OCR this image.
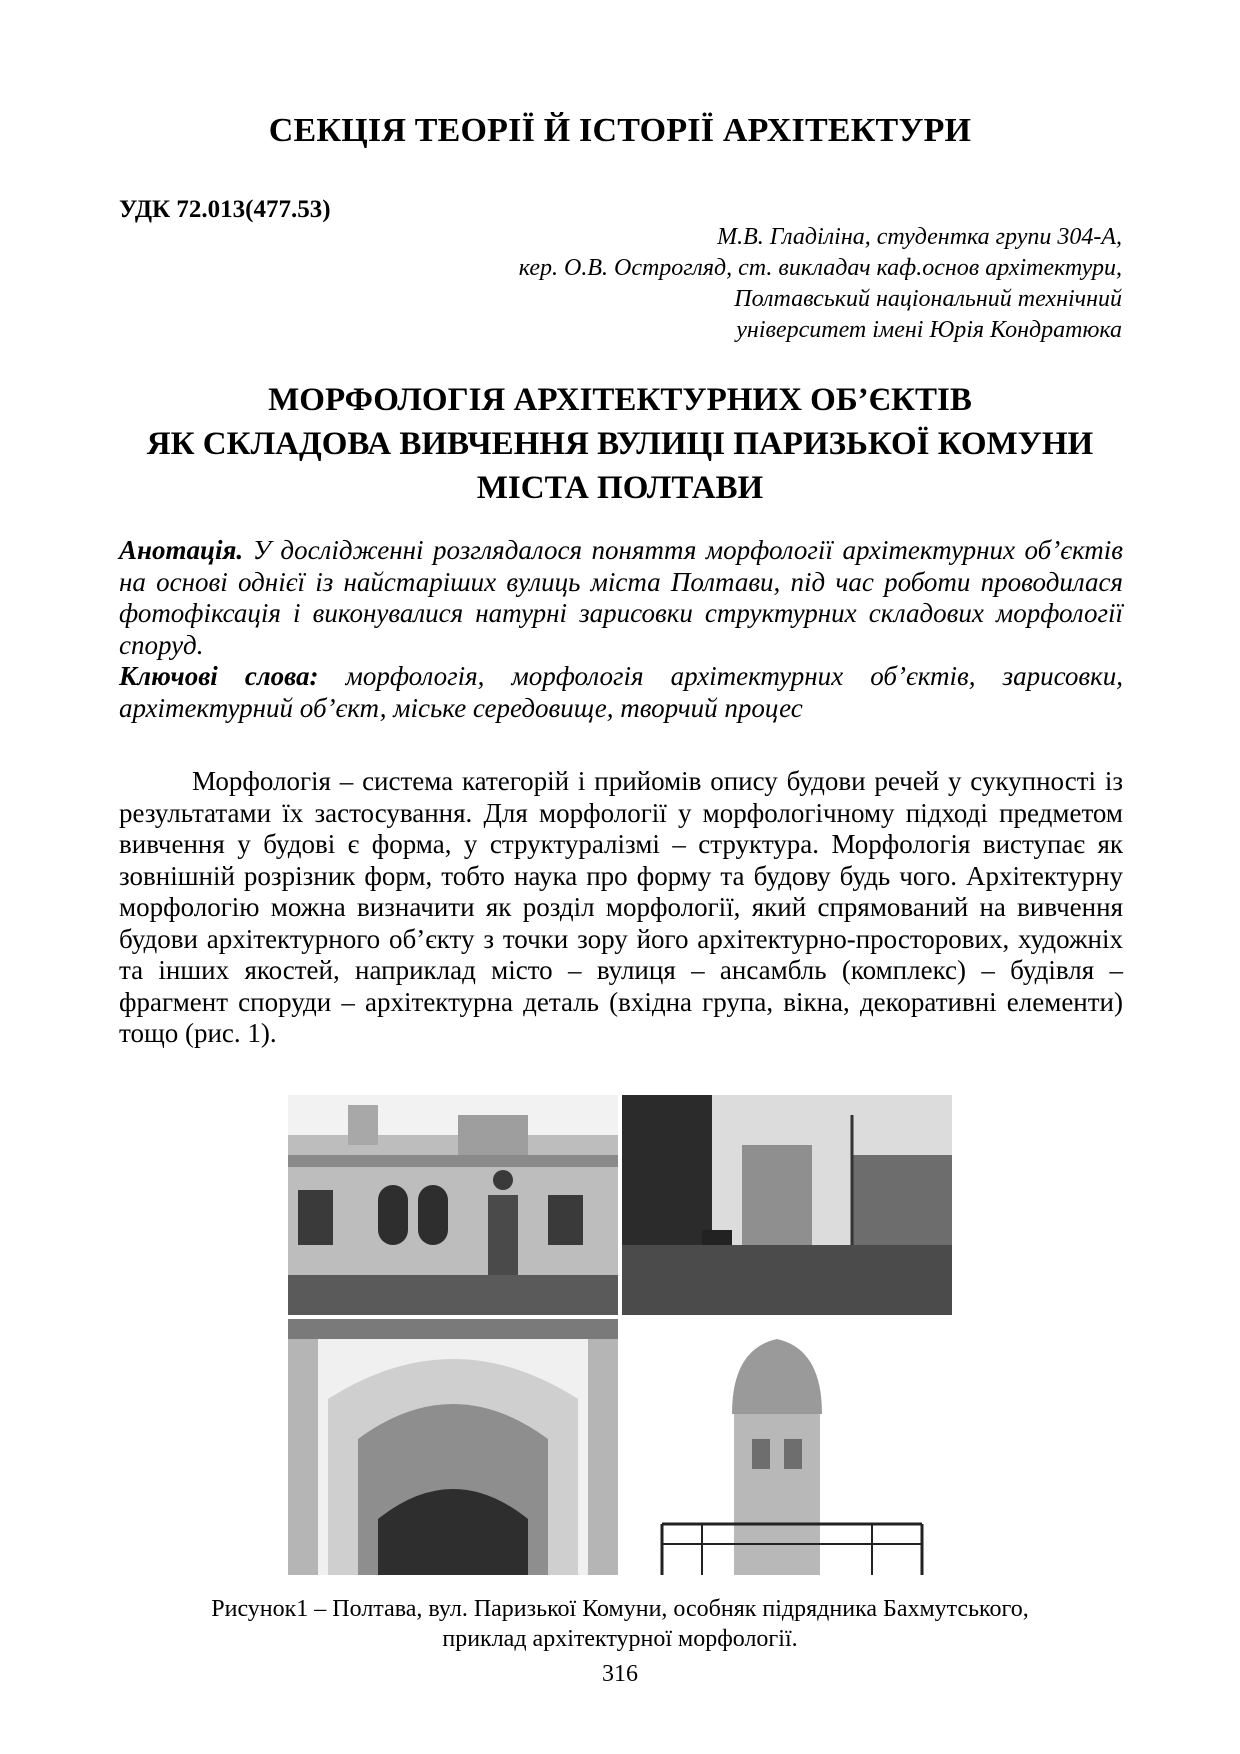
СЕКЦІЯ ТЕОРІЇ Й ІСТОРІЇ АРХІТЕКТУРИ
УДК 72.013(477.53)
М.В. Гладіліна, студентка групи 304-А,
кер. О.В. Острогляд, ст. викладач каф.основ архітектури,
Полтавський національний технічний
університет імені Юрія Кондратюка
МОРФОЛОГІЯ АРХІТЕКТУРНИХ ОБ’ЄКТІВ
ЯК СКЛАДОВА ВИВЧЕННЯ ВУЛИЦІ ПАРИЗЬКОЇ КОМУНИ
МІСТА ПОЛТАВИ
Анотація. У дослідженні розглядалося поняття морфології архітектурних об’єктів на основі однієї із найстаріших вулиць міста Полтави, під час роботи проводилася фотофіксація і виконувалися натурні зарисовки структурних складових морфології споруд.
Ключові слова: морфологія, морфологія архітектурних об’єктів, зарисовки, архітектурний об’єкт, міське середовище, творчий процес
Морфологія – система категорій і прийомів опису будови речей у сукупності із результатами їх застосування. Для морфології у морфологічному підході предметом вивчення у будові є форма, у структуралізмі – структура. Морфологія виступає як зовнішній розрізник форм, тобто наука про форму та будову будь чого. Архітектурну морфологію можна визначити як розділ морфології, який спрямований на вивчення будови архітектурного об’єкту з точки зору його архітектурно-просторових, художніх та інших якостей, наприклад місто – вулиця – ансамбль (комплекс) – будівля – фрагмент споруди – архітектурна деталь (вхідна група, вікна, декоративні елементи) тощо (рис. 1).
Рисунок1 – Полтава, вул. Паризької Комуни, особняк підрядника Бахмутського,
приклад архітектурної морфології.
316
